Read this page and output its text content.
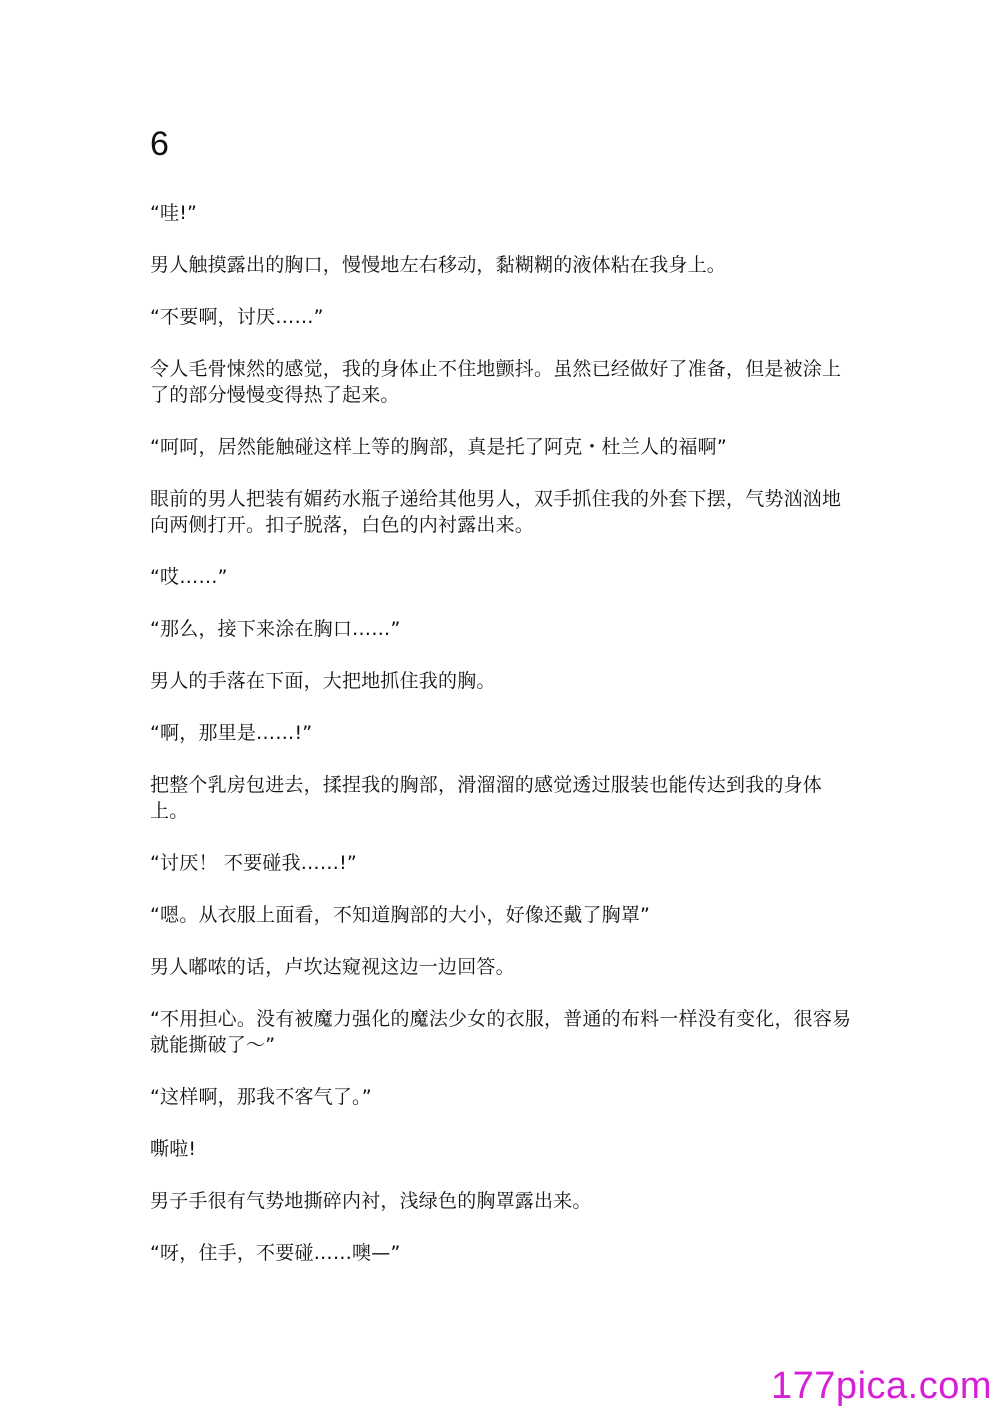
6

“哇!”

男人触摸露出的胸口，慢慢地左右移动，黏糊糊的液体粘在我身上。

“不要啊，讨厌……”

令人毛骨悚然的感觉，我的身体止不住地颤抖。虽然已经做好了准备，但是被涂上了的部分慢慢变得热了起来。

“呵呵，居然能触碰这样上等的胸部，真是托了阿克・杜兰人的福啊”

眼前的男人把装有媚药水瓶子递给其他男人，双手抓住我的外套下摆，气势汹汹地向两侧打开。扣子脱落，白色的内衬露出来。

“哎……”

“那么，接下来涂在胸口……”

男人的手落在下面，大把地抓住我的胸。

“啊，那里是……!”

把整个乳房包进去，揉捏我的胸部，滑溜溜的感觉透过服装也能传达到我的身体上。

“讨厌！ 不要碰我……!”

“嗯。从衣服上面看，不知道胸部的大小，好像还戴了胸罩”

男人嘟哝的话，卢坎达窥视这边一边回答。

“不用担心。没有被魔力强化的魔法少女的衣服，普通的布料一样没有变化，很容易就能撕破了～”

“这样啊，那我不客气了。”

嘶啦!

男子手很有气势地撕碎内衬，浅绿色的胸罩露出来。

“呀，住手，不要碰……噢—”

177pica.com
